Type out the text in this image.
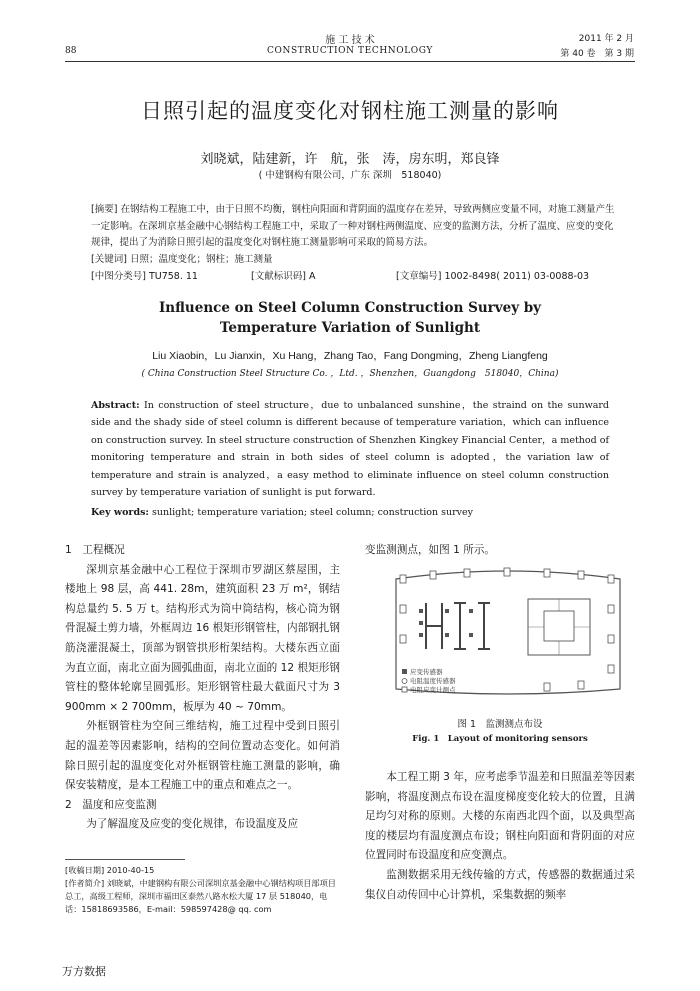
88
施 工 技 术
CONSTRUCTION TECHNOLOGY
2011 年 2 月
第 40 卷　第 3 期
日照引起的温度变化对钢柱施工测量的影响
刘晓斌，陆建新，许　航，张　涛，房东明，郑良锋
( 中建钢构有限公司，广东 深圳　518040)
[摘要] 在钢结构工程施工中，由于日照不均衡，钢柱向阳面和背阴面的温度存在差异，导致两侧应变量不同，对施工测量产生一定影响。在深圳京基金融中心钢结构工程施工中，采取了一种对钢柱两侧温度、应变的监测方法，分析了温度、应变的变化规律，提出了为消除日照引起的温度变化对钢柱施工测量影响可采取的简易方法。
[关键词] 日照；温度变化；钢柱；施工测量
[中图分类号] TU758. 11	[文献标识码] A	[文章编号] 1002-8498( 2011) 03-0088-03
Influence on Steel Column Construction Survey by
Temperature Variation of Sunlight
Liu Xiaobin，Lu Jianxin，Xu Hang，Zhang Tao，Fang Dongming，Zheng Liangfeng
( China Construction Steel Structure Co. ，Ltd. ，Shenzhen，Guangdong　518040，China)
Abstract: In construction of steel structure，due to unbalanced sunshine，the straind on the sunward side and the shady side of steel column is different because of temperature variation，which can influence on construction survey. In steel structure construction of Shenzhen Kingkey Financial Center，a method of monitoring temperature and strain in both sides of steel column is adopted，the variation law of temperature and strain is analyzed，a easy method to eliminate influence on steel column construction survey by temperature variation of sunlight is put forward.
Key words: sunlight; temperature variation; steel column; construction survey
1　工程概况
深圳京基金融中心工程位于深圳市罗湖区蔡屋围，主楼地上 98 层，高 441. 28m，建筑面积 23 万 m²，钢结构总量约 5. 5 万 t。结构形式为筒中筒结构，核心筒为钢骨混凝土剪力墙，外框周边 16 根矩形钢管柱，内部钢扎钢筋浇灌混凝土，顶部为钢管拱形桁架结构。大楼东西立面为直立面，南北立面为圆弧曲面，南北立面的 12 根矩形钢管柱的整体轮廓呈圆弧形。矩形钢管柱最大截面尺寸为 3 900mm × 2 700mm，板厚为 40 ~ 70mm。
外框钢管柱为空间三维结构，施工过程中受到日照引起的温差等因素影响，结构的空间位置动态变化。如何消除日照引起的温度变化对外框钢管柱施工测量的影响，确保安装精度，是本工程施工中的重点和难点之一。
2　温度和应变监测
为了解温度及应变的变化规律，布设温度及应
[收稿日期] 2010-40-15
[作者简介] 刘晓斌，中建钢构有限公司深圳京基金融中心钢结构项目部项目总工，高级工程师，深圳市福田区泰然八路水松大厦 17 层 518040，电话：15818693586，E-mail：598597428@ qq. com
变监测测点，如图 1 所示。
应变传感器
电阻温度传感器
电阻应变计测点
图 1　监测测点布设
Fig. 1　Layout of monitoring sensors
本工程工期 3 年，应考虑季节温差和日照温差等因素影响，将温度测点布设在温度梯度变化较大的位置，且满足均匀对称的原则。大楼的东南西北四个面，以及典型高度的楼层均有温度测点布设；钢柱向阳面和背阴面的对应位置同时布设温度和应变测点。
监测数据采用无线传输的方式，传感器的数据通过采集仪自动传回中心计算机，采集数据的频率
万方数据
